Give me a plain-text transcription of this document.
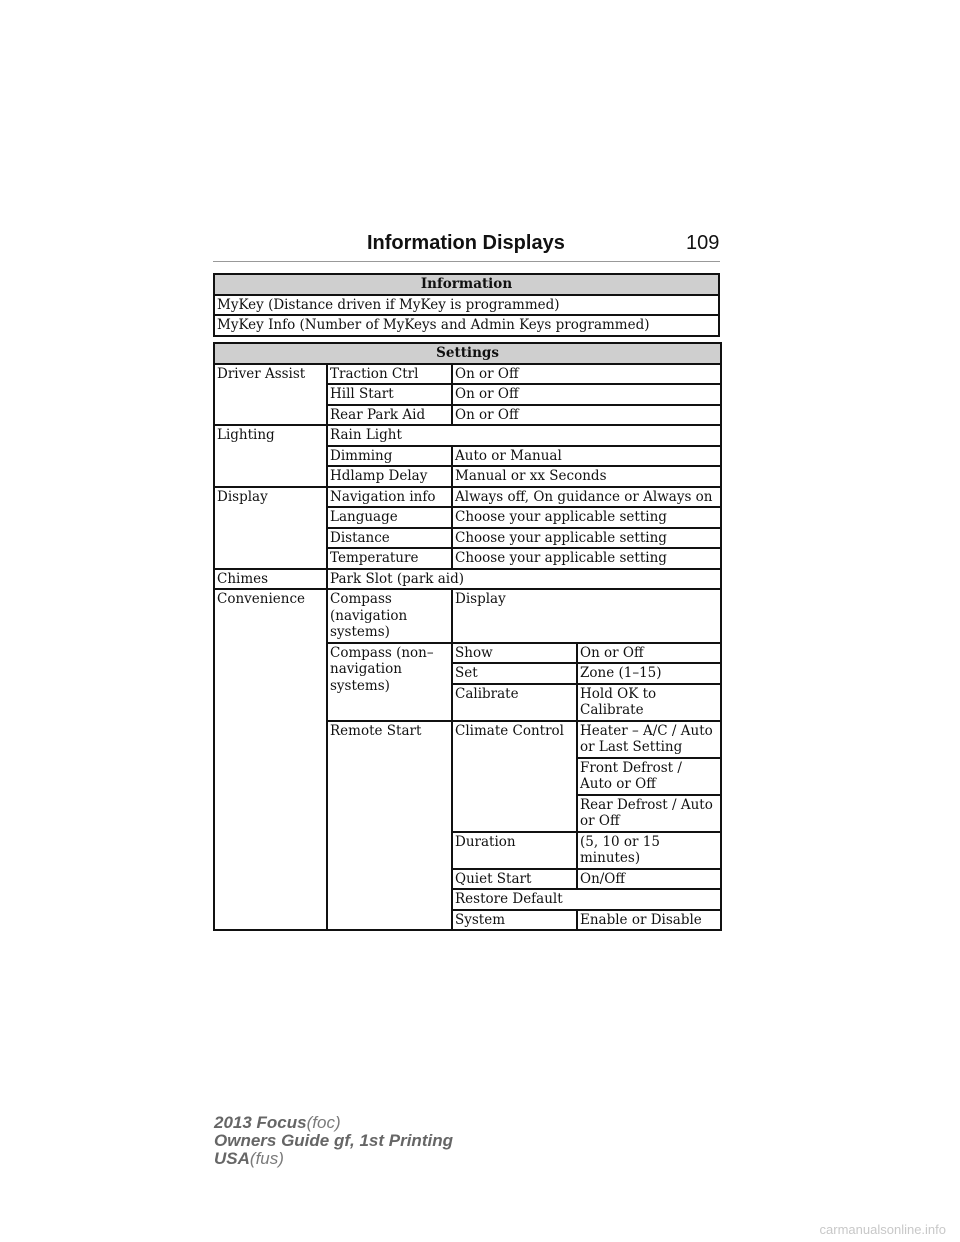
Information Displays	109
Information
MyKey (Distance driven if MyKey is programmed)
MyKey Info (Number of MyKeys and Admin Keys programmed)
Settings			
Driver Assist	Traction Ctrl	On or Off	
	Hill Start	On or Off	
	Rear Park Aid	On or Off	
Lighting	Rain Light		
	Dimming	Auto or Manual	
	Hdlamp Delay	Manual or xx Seconds	
Display	Navigation info	Always off, On guidance or Always on	
	Language	Choose your applicable setting	
	Distance	Choose your applicable setting	
	Temperature	Choose your applicable setting	
Chimes	Park Slot (park aid)		
Convenience	Compass (navigation systems)	Display	
	Compass (non–navigation systems)	Show	On or Off
		Set	Zone (1–15)
		Calibrate	Hold OK to Calibrate
	Remote Start	Climate Control	Heater – A/C / Auto or Last Setting
			Front Defrost / Auto or Off
			Rear Defrost / Auto or Off
		Duration	(5, 10 or 15 minutes)
		Quiet Start	On/Off
		Restore Default	
		System	Enable or Disable
2013 Focus(foc)
Owners Guide gf, 1st Printing
USA(fus)
carmanualsonline.info
